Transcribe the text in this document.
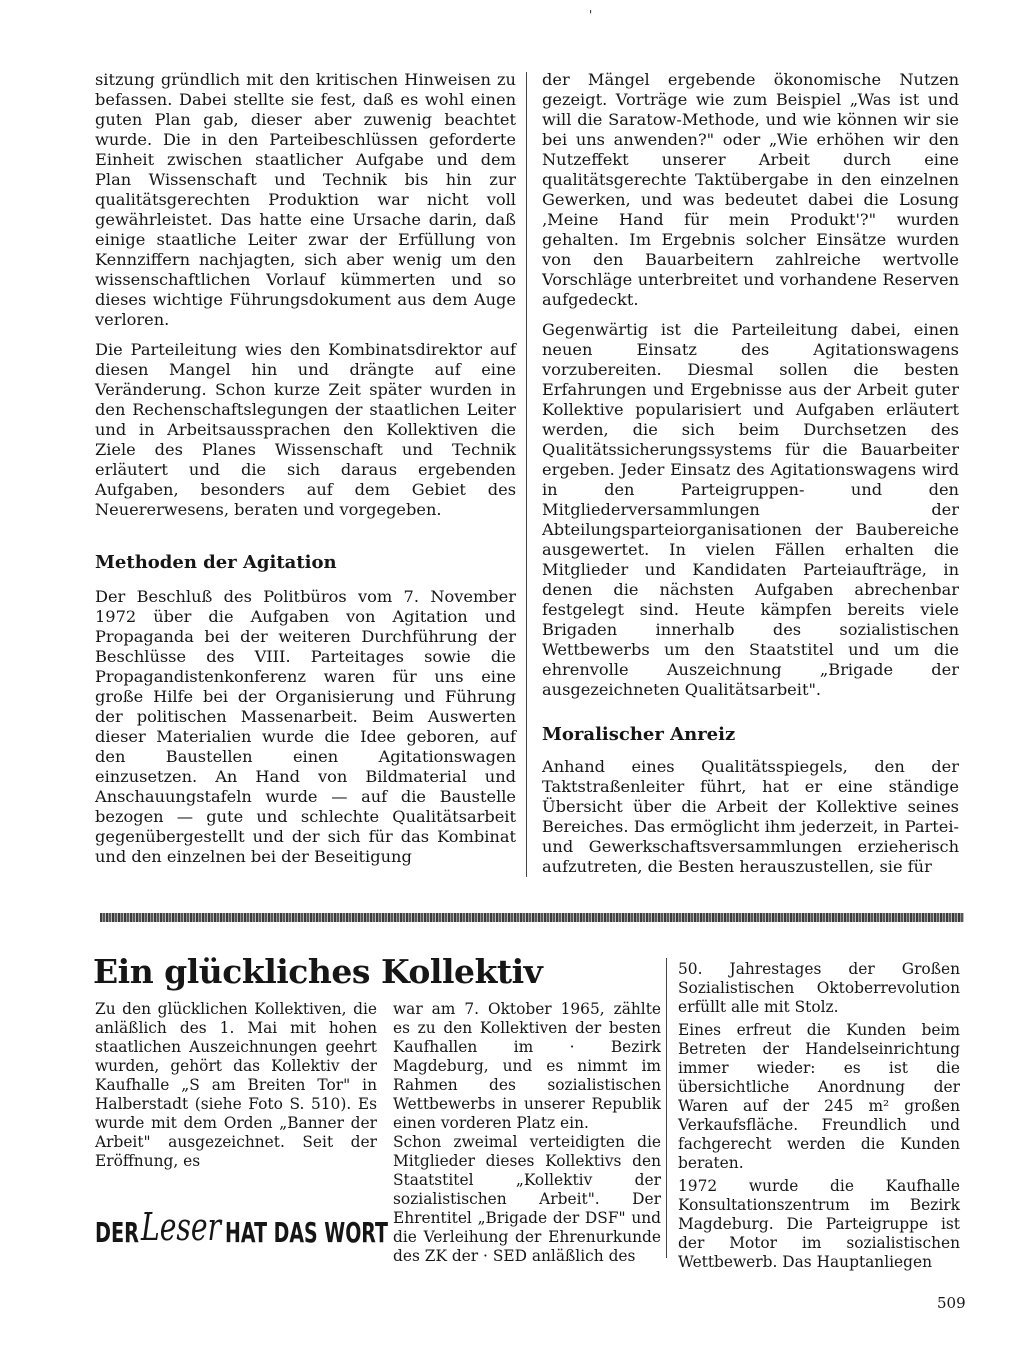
'

sitzung gründlich mit den kritischen Hinweisen zu befassen. Dabei stellte sie fest, daß es wohl einen guten Plan gab, dieser aber zuwenig beachtet wurde. Die in den Parteibeschlüssen geforderte Einheit zwischen staatlicher Aufgabe und dem Plan Wissenschaft und Technik bis hin zur qualitätsgerechten Produktion war nicht voll gewährleistet. Das hatte eine Ursache darin, daß einige staatliche Leiter zwar der Erfüllung von Kennziffern nachjagten, sich aber wenig um den wissenschaftlichen Vorlauf kümmerten und so dieses wichtige Führungsdokument aus dem Auge verloren.

Die Parteileitung wies den Kombinatsdirektor auf diesen Mangel hin und drängte auf eine Veränderung. Schon kurze Zeit später wurden in den Rechenschaftslegungen der staatlichen Leiter und in Arbeitsaussprachen den Kollektiven die Ziele des Planes Wissenschaft und Technik erläutert und die sich daraus ergebenden Aufgaben, besonders auf dem Gebiet des Neuererwesens, beraten und vorgegeben.

Methoden der Agitation

Der Beschluß des Politbüros vom 7. November 1972 über die Aufgaben von Agitation und Propaganda bei der weiteren Durchführung der Beschlüsse des VIII. Parteitages sowie die Propagandistenkonferenz waren für uns eine große Hilfe bei der Organisierung und Führung der politischen Massenarbeit. Beim Auswerten dieser Materialien wurde die Idee geboren, auf den Baustellen einen Agitationswagen einzusetzen. An Hand von Bildmaterial und Anschauungstafeln wurde — auf die Baustelle bezogen — gute und schlechte Qualitätsarbeit gegenübergestellt und der sich für das Kombinat und den einzelnen bei der Beseitigung

der Mängel ergebende ökonomische Nutzen gezeigt. Vorträge wie zum Beispiel „Was ist und will die Saratow-Methode, und wie können wir sie bei uns anwenden?" oder „Wie erhöhen wir den Nutzeffekt unserer Arbeit durch eine qualitätsgerechte Taktübergabe in den einzelnen Gewerken, und was bedeutet dabei die Losung ‚Meine Hand für mein Produkt'?" wurden gehalten. Im Ergebnis solcher Einsätze wurden von den Bauarbeitern zahlreiche wertvolle Vorschläge unterbreitet und vorhandene Reserven aufgedeckt.

Gegenwärtig ist die Parteileitung dabei, einen neuen Einsatz des Agitationswagens vorzubereiten. Diesmal sollen die besten Erfahrungen und Ergebnisse aus der Arbeit guter Kollektive popularisiert und Aufgaben erläutert werden, die sich beim Durchsetzen des Qualitätssicherungssystems für die Bauarbeiter ergeben. Jeder Einsatz des Agitationswagens wird in den Parteigruppen- und den Mitgliederversammlungen der Abteilungsparteiorganisationen der Baubereiche ausgewertet. In vielen Fällen erhalten die Mitglieder und Kandidaten Parteiaufträge, in denen die nächsten Aufgaben abrechenbar festgelegt sind. Heute kämpfen bereits viele Brigaden innerhalb des sozialistischen Wettbewerbs um den Staatstitel und um die ehrenvolle Auszeichnung „Brigade der ausgezeichneten Qualitätsarbeit".

Moralischer Anreiz

Anhand eines Qualitätsspiegels, den der Taktstraßenleiter führt, hat er eine ständige Übersicht über die Arbeit der Kollektive seines Bereiches. Das ermöglicht ihm jederzeit, in Partei- und Gewerkschaftsversammlungen erzieherisch aufzutreten, die Besten herauszustellen, sie für

Ein glückliches Kollektiv

Zu den glücklichen Kollektiven, die anläßlich des 1. Mai mit hohen staatlichen Auszeichnungen geehrt wurden, gehört das Kollektiv der Kaufhalle „S am Breiten Tor" in Halberstadt (siehe Foto S. 510). Es wurde mit dem Orden „Banner der Arbeit" ausgezeichnet. Seit der Eröffnung, es

DER Leser HAT DAS WORT

war am 7. Oktober 1965, zählte es zu den Kollektiven der besten Kaufhallen im · Bezirk Magdeburg, und es nimmt im Rahmen des sozialistischen Wettbewerbs in unserer Republik einen vorderen Platz ein.

Schon zweimal verteidigten die Mitglieder dieses Kollektivs den Staatstitel „Kollektiv der sozialistischen Arbeit". Der Ehrentitel „Brigade der DSF" und die Verleihung der Ehrenurkunde des ZK der · SED anläßlich des

50. Jahrestages der Großen Sozialistischen Oktoberrevolution erfüllt alle mit Stolz.

Eines erfreut die Kunden beim Betreten der Handelseinrichtung immer wieder: es ist die übersichtliche Anordnung der Waren auf der 245 m² großen Verkaufsfläche. Freundlich und fachgerecht werden die Kunden beraten.

1972 wurde die Kaufhalle Konsultationszentrum im Bezirk Magdeburg. Die Parteigruppe ist der Motor im sozialistischen Wettbewerb. Das Hauptanliegen

509
